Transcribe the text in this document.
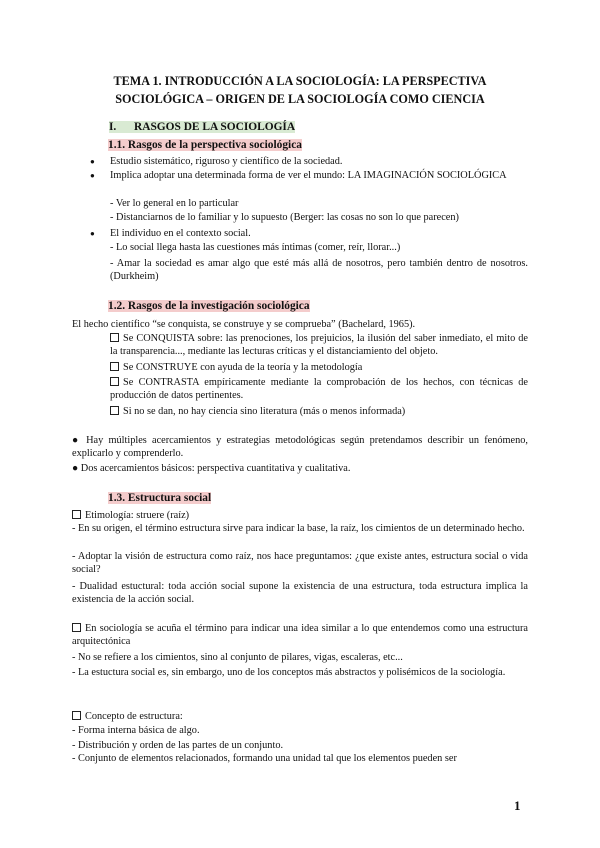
TEMA 1. INTRODUCCIÓN A LA SOCIOLOGÍA: LA PERSPECTIVA
SOCIOLÓGICA – ORIGEN DE LA SOCIOLOGÍA COMO CIENCIA
I. RASGOS DE LA SOCIOLOGÍA
1.1. Rasgos de la perspectiva sociológica
●	Estudio sistemático, riguroso y científico de la sociedad.
●	Implica adoptar una determinada forma de ver el mundo: LA IMAGINACIÓN SOCIOLÓGICA
- Ver lo general en lo particular
- Distanciarnos de lo familiar y lo supuesto (Berger: las cosas no son lo que parecen)
●	El individuo en el contexto social.
- Lo social llega hasta las cuestiones más íntimas (comer, reír, llorar...)
- Amar la sociedad es amar algo que esté más allá de nosotros, pero también dentro de nosotros. (Durkheim)
1.2. Rasgos de la investigación sociológica
El hecho científico “se conquista, se construye y se comprueba” (Bachelard, 1965).
Se CONQUISTA sobre: las prenociones, los prejuicios, la ilusión del saber inmediato, el mito de la transparencia..., mediante las lecturas críticas y el distanciamiento del objeto.
Se CONSTRUYE con ayuda de la teoría y la metodología
Se CONTRASTA empíricamente mediante la comprobación de los hechos, con técnicas de producción de datos pertinentes.
Si no se dan, no hay ciencia sino literatura (más o menos informada)
● Hay múltiples acercamientos y estrategias metodológicas según pretendamos describir un fenómeno, explicarlo y comprenderlo.
● Dos acercamientos básicos: perspectiva cuantitativa y cualitativa.
1.3. Estructura social
Etimología: struere (raíz)
- En su origen, el término estructura sirve para indicar la base, la raíz, los cimientos de un determinado hecho.
- Adoptar la visión de estructura como raíz, nos hace preguntamos: ¿que existe antes, estructura social o vida social?
- Dualidad estuctural: toda acción social supone la existencia de una estructura, toda estructura implica la existencia de la acción social.
En sociología se acuña el término para indicar una idea similar a lo que entendemos como una estructura arquitectónica
- No se refiere a los cimientos, sino al conjunto de pilares, vigas, escaleras, etc...
- La estuctura social es, sin embargo, uno de los conceptos más abstractos y polisémicos de la sociología.
Concepto de estructura:
- Forma interna básica de algo.
- Distribución y orden de las partes de un conjunto.
- Conjunto de elementos relacionados, formando una unidad tal que los elementos pueden ser
1
